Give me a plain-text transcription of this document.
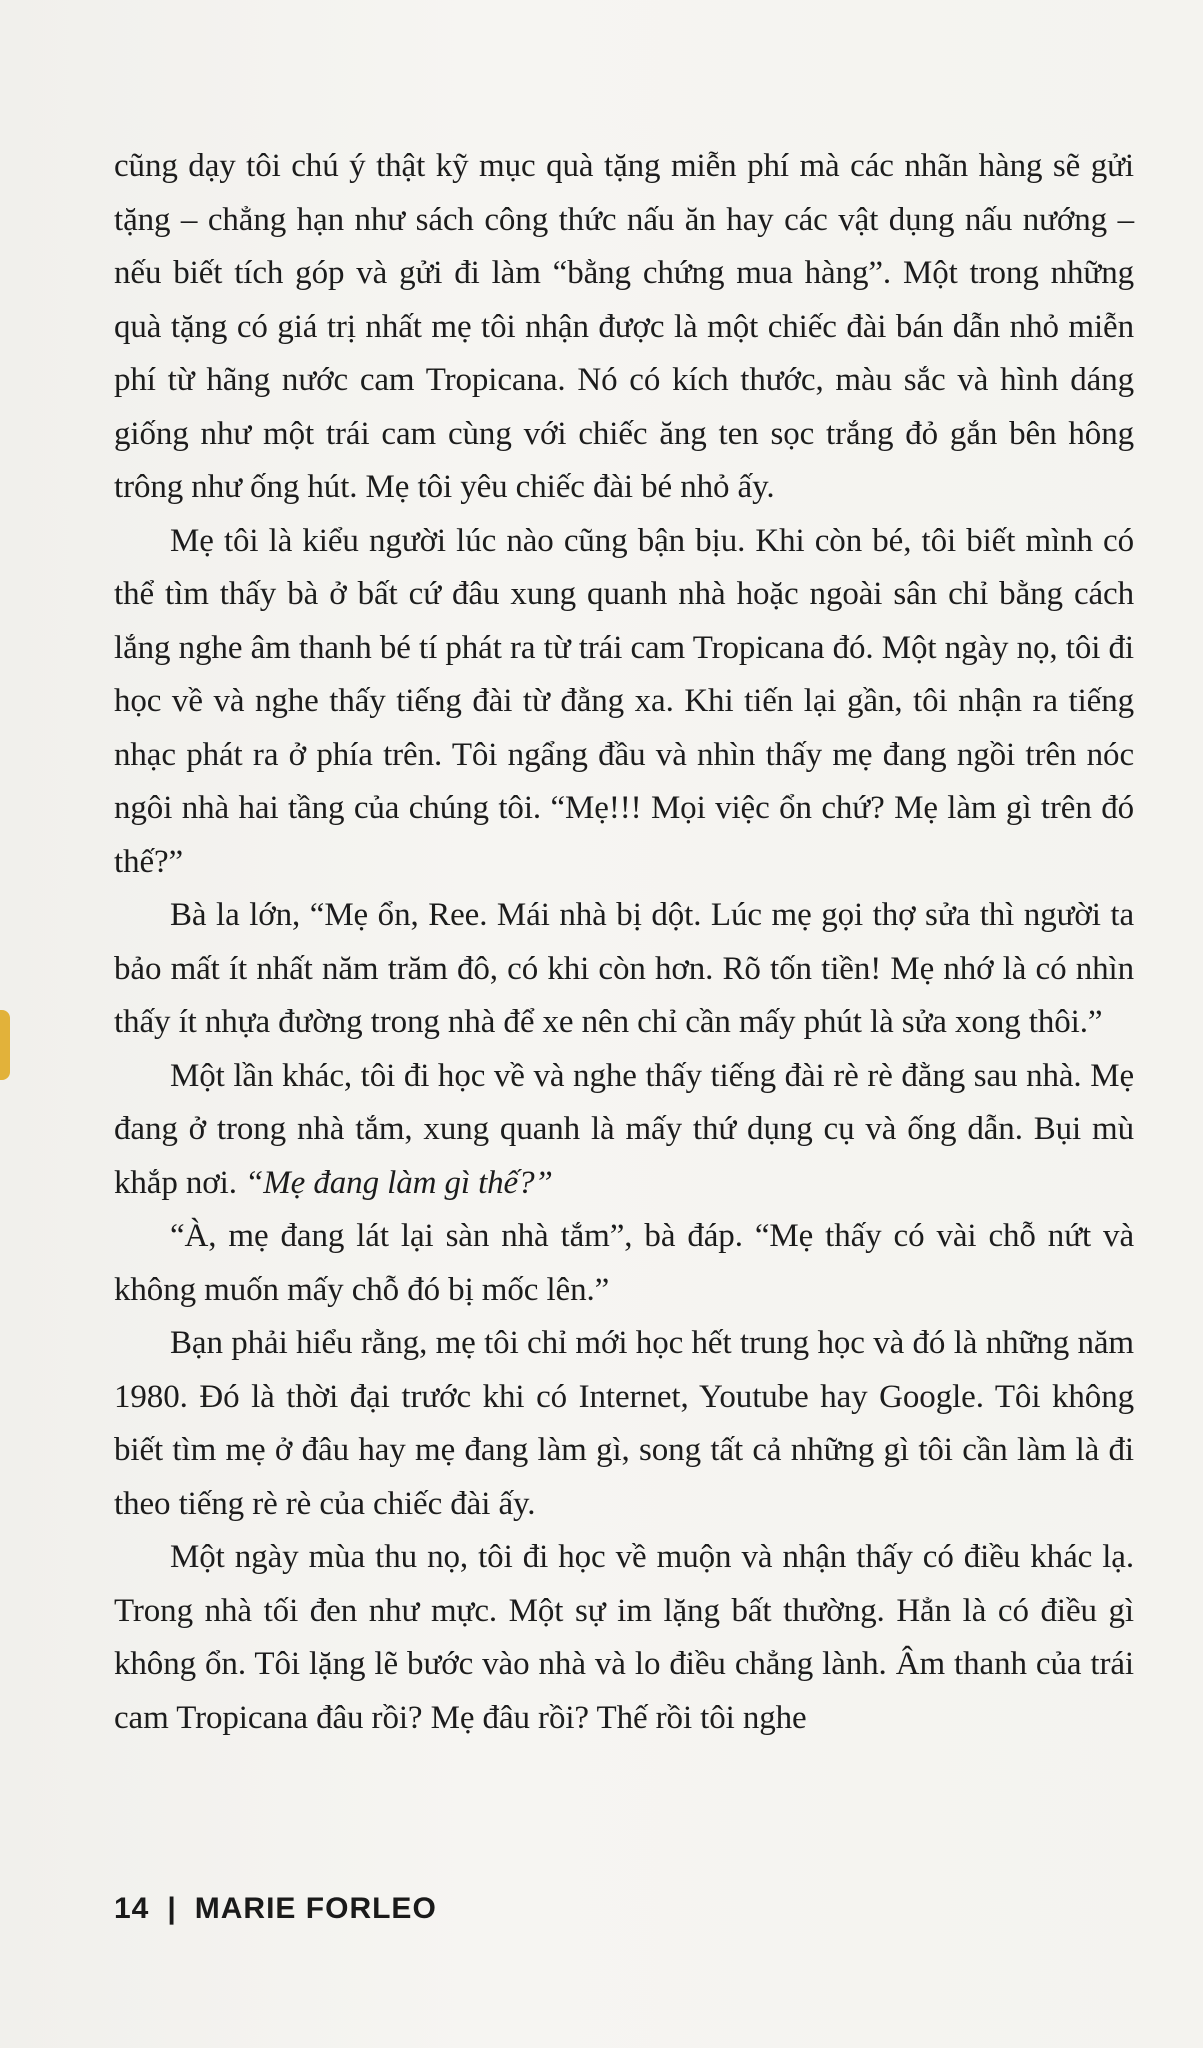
cũng dạy tôi chú ý thật kỹ mục quà tặng miễn phí mà các nhãn hàng sẽ gửi tặng – chẳng hạn như sách công thức nấu ăn hay các vật dụng nấu nướng – nếu biết tích góp và gửi đi làm “bằng chứng mua hàng”. Một trong những quà tặng có giá trị nhất mẹ tôi nhận được là một chiếc đài bán dẫn nhỏ miễn phí từ hãng nước cam Tropicana. Nó có kích thước, màu sắc và hình dáng giống như một trái cam cùng với chiếc ăng ten sọc trắng đỏ gắn bên hông trông như ống hút. Mẹ tôi yêu chiếc đài bé nhỏ ấy.

Mẹ tôi là kiểu người lúc nào cũng bận bịu. Khi còn bé, tôi biết mình có thể tìm thấy bà ở bất cứ đâu xung quanh nhà hoặc ngoài sân chỉ bằng cách lắng nghe âm thanh bé tí phát ra từ trái cam Tropicana đó. Một ngày nọ, tôi đi học về và nghe thấy tiếng đài từ đằng xa. Khi tiến lại gần, tôi nhận ra tiếng nhạc phát ra ở phía trên. Tôi ngẩng đầu và nhìn thấy mẹ đang ngồi trên nóc ngôi nhà hai tầng của chúng tôi. “Mẹ!!! Mọi việc ổn chứ? Mẹ làm gì trên đó thế?”

Bà la lớn, “Mẹ ổn, Ree. Mái nhà bị dột. Lúc mẹ gọi thợ sửa thì người ta bảo mất ít nhất năm trăm đô, có khi còn hơn. Rõ tốn tiền! Mẹ nhớ là có nhìn thấy ít nhựa đường trong nhà để xe nên chỉ cần mấy phút là sửa xong thôi.”

Một lần khác, tôi đi học về và nghe thấy tiếng đài rè rè đằng sau nhà. Mẹ đang ở trong nhà tắm, xung quanh là mấy thứ dụng cụ và ống dẫn. Bụi mù khắp nơi. “Mẹ đang làm gì thế?”

“À, mẹ đang lát lại sàn nhà tắm”, bà đáp. “Mẹ thấy có vài chỗ nứt và không muốn mấy chỗ đó bị mốc lên.”

Bạn phải hiểu rằng, mẹ tôi chỉ mới học hết trung học và đó là những năm 1980. Đó là thời đại trước khi có Internet, Youtube hay Google. Tôi không biết tìm mẹ ở đâu hay mẹ đang làm gì, song tất cả những gì tôi cần làm là đi theo tiếng rè rè của chiếc đài ấy.

Một ngày mùa thu nọ, tôi đi học về muộn và nhận thấy có điều khác lạ. Trong nhà tối đen như mực. Một sự im lặng bất thường. Hẳn là có điều gì không ổn. Tôi lặng lẽ bước vào nhà và lo điều chẳng lành. Âm thanh của trái cam Tropicana đâu rồi? Mẹ đâu rồi? Thế rồi tôi nghe

14 | MARIE FORLEO
